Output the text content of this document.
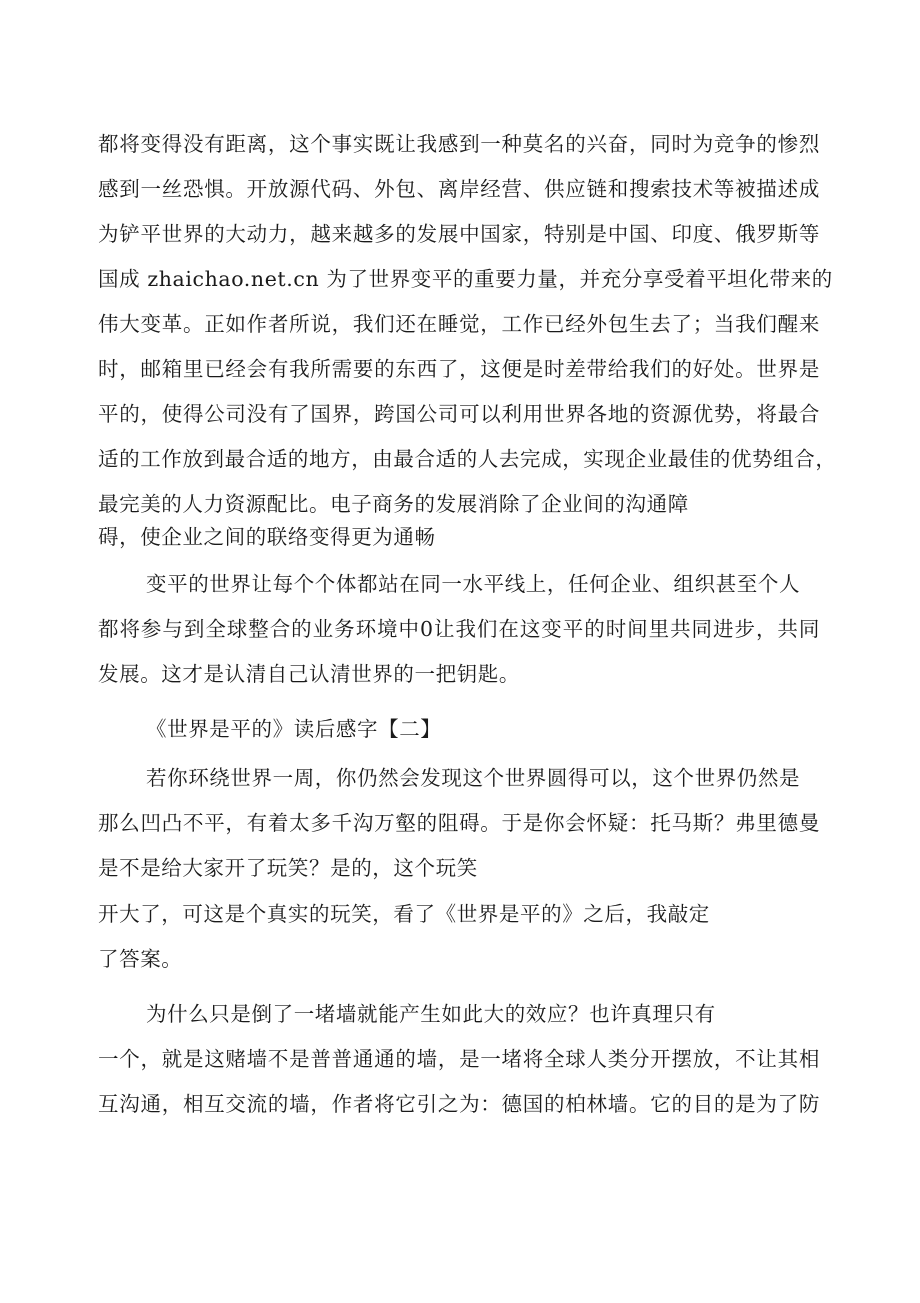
都将变得没有距离，这个事实既让我感到一种莫名的兴奋，同时为竞争的惨烈
感到一丝恐惧。开放源代码、外包、离岸经营、供应链和搜索技术等被描述成
为铲平世界的大动力，越来越多的发展中国家，特别是中国、印度、俄罗斯等
国成 zhaichao.net.cn 为了世界变平的重要力量，并充分享受着平坦化带来的
伟大变革。正如作者所说，我们还在睡觉，工作已经外包生去了；当我们醒来
时，邮箱里已经会有我所需要的东西了，这便是时差带给我们的好处。世界是
平的，使得公司没有了国界，跨国公司可以利用世界各地的资源优势，将最合
适的工作放到最合适的地方，由最合适的人去完成，实现企业最佳的优势组合，
最完美的人力资源配比。电子商务的发展消除了企业间的沟通障
碍，使企业之间的联络变得更为通畅
变平的世界让每个个体都站在同一水平线上，任何企业、组织甚至个人
都将参与到全球整合的业务环境中0让我们在这变平的时间里共同进步，共同
发展。这才是认清自己认清世界的一把钥匙。
《世界是平的》读后感字【二】
若你环绕世界一周，你仍然会发现这个世界圆得可以，这个世界仍然是
那么凹凸不平，有着太多千沟万壑的阻碍。于是你会怀疑：托马斯？弗里德曼
是不是给大家开了玩笑？是的，这个玩笑
开大了，可这是个真实的玩笑，看了《世界是平的》之后，我敲定
了答案。
为什么只是倒了一堵墙就能产生如此大的效应？也许真理只有
一个，就是这赌墙不是普普通通的墙，是一堵将全球人类分开摆放，不让其相
互沟通，相互交流的墙，作者将它引之为：德国的柏林墙。它的目的是为了防
